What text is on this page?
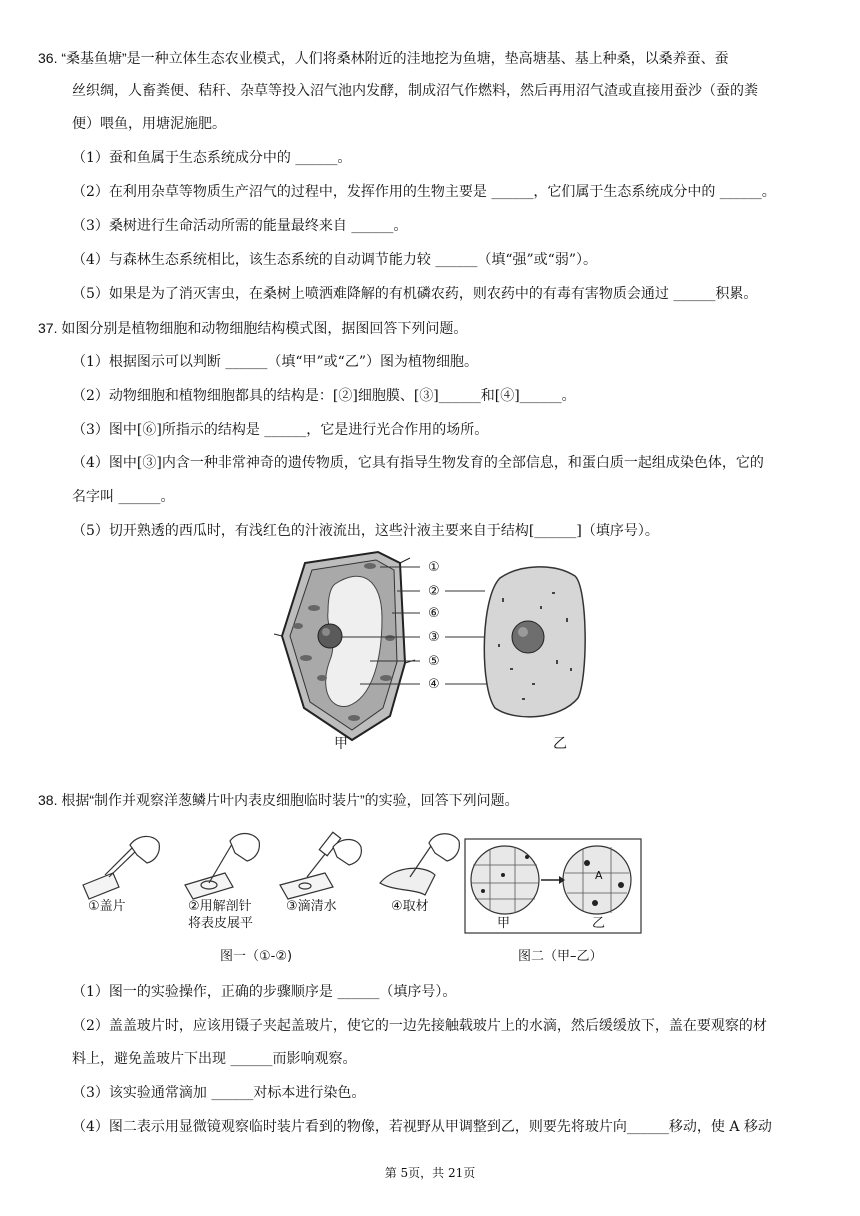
36. “桑基鱼塘”是一种立体生态农业模式，人们将桑林附近的洼地挖为鱼塘，垫高塘基、基上种桑，以桑养蚕、蚕
丝织绸，人畜粪便、秸秆、杂草等投入沼气池内发酵，制成沼气作燃料，然后再用沼气渣或直接用蚕沙（蚕的粪
便）喂鱼，用塘泥施肥。
（1）蚕和鱼属于生态系统成分中的 ______。
（2）在利用杂草等物质生产沼气的过程中，发挥作用的生物主要是 ______，它们属于生态系统成分中的 ______。
（3）桑树进行生命活动所需的能量最终来自 ______。
（4）与森林生态系统相比，该生态系统的自动调节能力较 ______（填“强”或“弱”）。
（5）如果是为了消灭害虫，在桑树上喷洒难降解的有机磷农药，则农药中的有毒有害物质会通过 ______积累。
37. 如图分别是植物细胞和动物细胞结构模式图，据图回答下列问题。
（1）根据图示可以判断 ______（填“甲”或“乙”）图为植物细胞。
（2）动物细胞和植物细胞都具的结构是：[②]细胞膜、[③]______和[④]______。
（3）图中[⑥]所指示的结构是 ______，它是进行光合作用的场所。
（4）图中[③]内含一种非常神奇的遗传物质，它具有指导生物发育的全部信息，和蛋白质一起组成染色体，它的
名字叫 ______。
（5）切开熟透的西瓜时，有浅红色的汁液流出，这些汁液主要来自于结构[______]（填序号）。
①
②
⑥
③
⑤
④
甲	乙
38. 根据“制作并观察洋葱鳞片叶内表皮细胞临时装片”的实验，回答下列问题。
①盖片	②用解剖针
将表皮展平
③滴清水	④取材
甲	乙
A
图一（①-②)	图二（甲–乙）
（1）图一的实验操作，正确的步骤顺序是 ______（填序号）。
（2）盖盖玻片时，应该用镊子夹起盖玻片，使它的一边先接触载玻片上的水滴，然后缓缓放下，盖在要观察的材
料上，避免盖玻片下出现 ______而影响观察。
（3）该实验通常滴加 ______对标本进行染色。
（4）图二表示用显微镜观察临时装片看到的物像，若视野从甲调整到乙，则要先将玻片向______移动，使 A 移动
第 5页，共 21页
